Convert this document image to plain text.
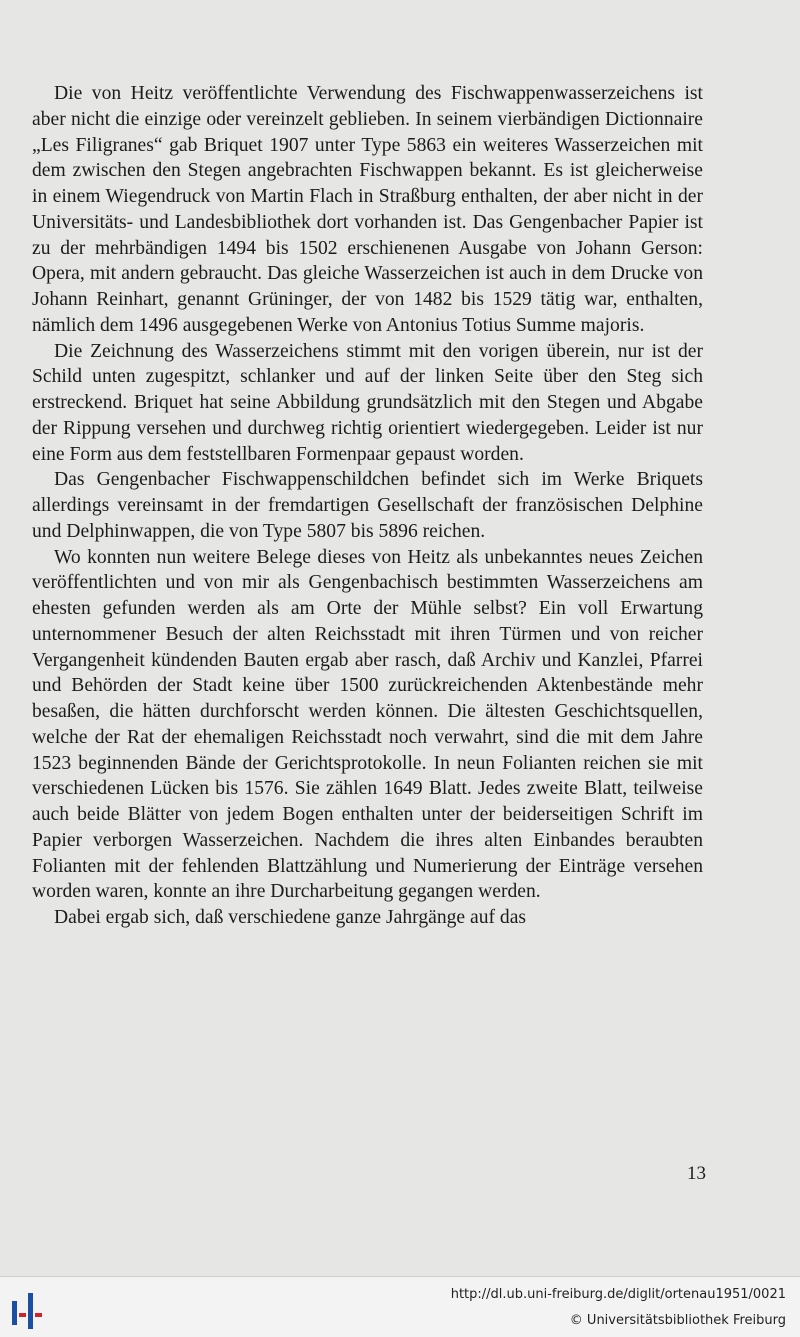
Die von Heitz veröffentlichte Verwendung des Fischwappenwasserzeichens ist aber nicht die einzige oder vereinzelt geblieben. In seinem vierbändigen Dictionnaire „Les Filigranes“ gab Briquet 1907 unter Type 5863 ein weiteres Wasserzeichen mit dem zwischen den Stegen angebrachten Fischwappen bekannt. Es ist gleicherweise in einem Wiegendruck von Martin Flach in Straßburg enthalten, der aber nicht in der Universitäts- und Landesbibliothek dort vorhanden ist. Das Gengenbacher Papier ist zu der mehrbändigen 1494 bis 1502 erschienenen Ausgabe von Johann Gerson: Opera, mit andern gebraucht. Das gleiche Wasserzeichen ist auch in dem Drucke von Johann Reinhart, genannt Grüninger, der von 1482 bis 1529 tätig war, enthalten, nämlich dem 1496 ausgegebenen Werke von Antonius Totius Summe majoris.

Die Zeichnung des Wasserzeichens stimmt mit den vorigen überein, nur ist der Schild unten zugespitzt, schlanker und auf der linken Seite über den Steg sich erstreckend. Briquet hat seine Abbildung grundsätzlich mit den Stegen und Abgabe der Rippung versehen und durchweg richtig orientiert wiedergegeben. Leider ist nur eine Form aus dem feststellbaren Formenpaar gepaust worden.

Das Gengenbacher Fischwappenschildchen befindet sich im Werke Briquets allerdings vereinsamt in der fremdartigen Gesellschaft der französischen Delphine und Delphinwappen, die von Type 5807 bis 5896 reichen.

Wo konnten nun weitere Belege dieses von Heitz als unbekanntes neues Zeichen veröffentlichten und von mir als Gengenbachisch bestimmten Wasserzeichens am ehesten gefunden werden als am Orte der Mühle selbst? Ein voll Erwartung unternommener Besuch der alten Reichsstadt mit ihren Türmen und von reicher Vergangenheit kündenden Bauten ergab aber rasch, daß Archiv und Kanzlei, Pfarrei und Behörden der Stadt keine über 1500 zurückreichenden Aktenbestände mehr besaßen, die hätten durchforscht werden können. Die ältesten Geschichtsquellen, welche der Rat der ehemaligen Reichsstadt noch verwahrt, sind die mit dem Jahre 1523 beginnenden Bände der Gerichtsprotokolle. In neun Folianten reichen sie mit verschiedenen Lücken bis 1576. Sie zählen 1649 Blatt. Jedes zweite Blatt, teilweise auch beide Blätter von jedem Bogen enthalten unter der beiderseitigen Schrift im Papier verborgen Wasserzeichen. Nachdem die ihres alten Einbandes beraubten Folianten mit der fehlenden Blattzählung und Numerierung der Einträge versehen worden waren, konnte an ihre Durcharbeitung gegangen werden.

Dabei ergab sich, daß verschiedene ganze Jahrgänge auf das

13
http://dl.ub.uni-freiburg.de/diglit/ortenau1951/0021
© Universitätsbibliothek Freiburg
